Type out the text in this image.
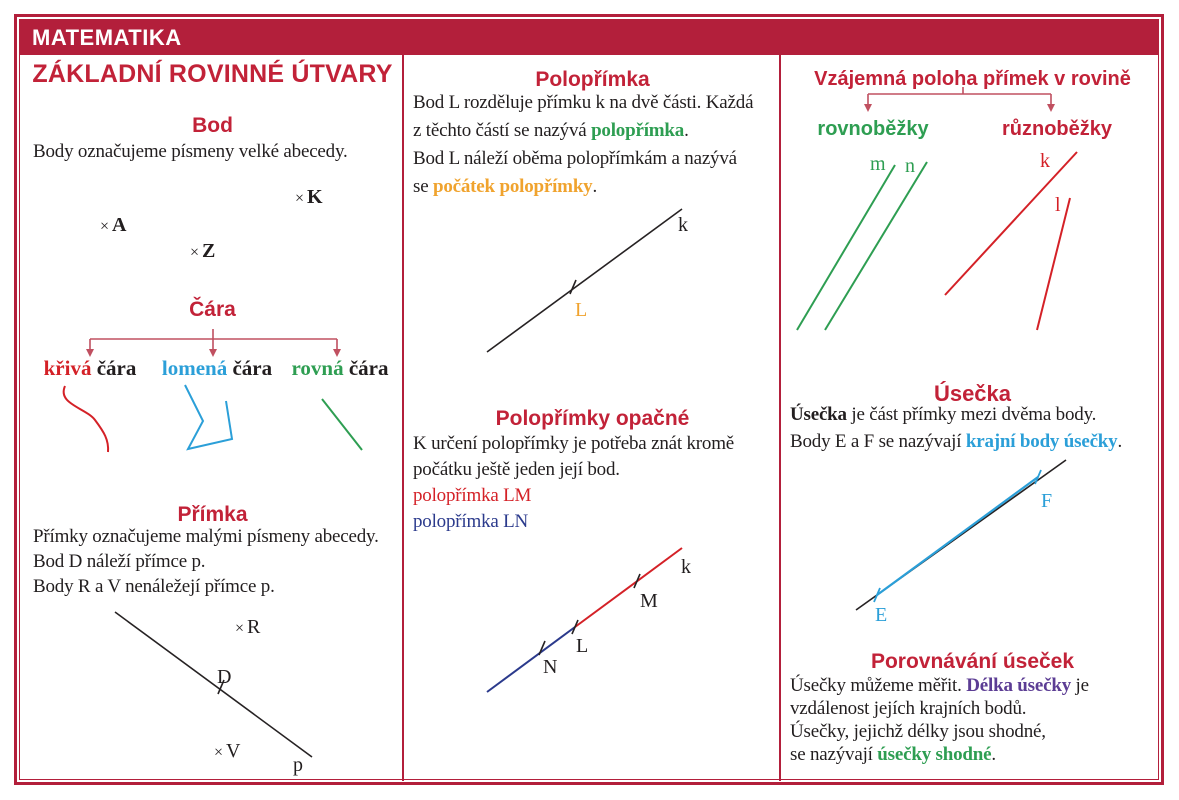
MATEMATIKA
ZÁKLADNÍ ROVINNÉ ÚTVARY
Bod
Body označujeme písmeny velké abecedy.
× A
× Z
× K
Čára
křivá čára lomená čára rovná čára
Přímka
Přímky označujeme malými písmeny abecedy.
Bod D náleží přímce p.
Body R a V nenáležejí přímce p.
D
× R
× V
p
Polopřímka
Bod L rozděluje přímku k na dvě části. Každá
z těchto částí se nazývá polopřímka.
Bod L náleží oběma polopřímkám a nazývá
se počátek polopřímky.
L
k
Polopřímky opačné
K určení polopřímky je potřeba znát kromě
počátku ještě jeden její bod.
polopřímka LM
polopřímka LN
N
L
M
k
Vzájemná poloha přímek v rovině
rovnoběžky	různoběžky
m n	k
l
Úsečka
Úsečka je část přímky mezi dvěma body.
Body E a F se nazývají krajní body úsečky.
E
F
Porovnávání úseček
Úsečky můžeme měřit. Délka úsečky je
vzdálenost jejích krajních bodů.
Úsečky, jejichž délky jsou shodné,
se nazývají úsečky shodné.
